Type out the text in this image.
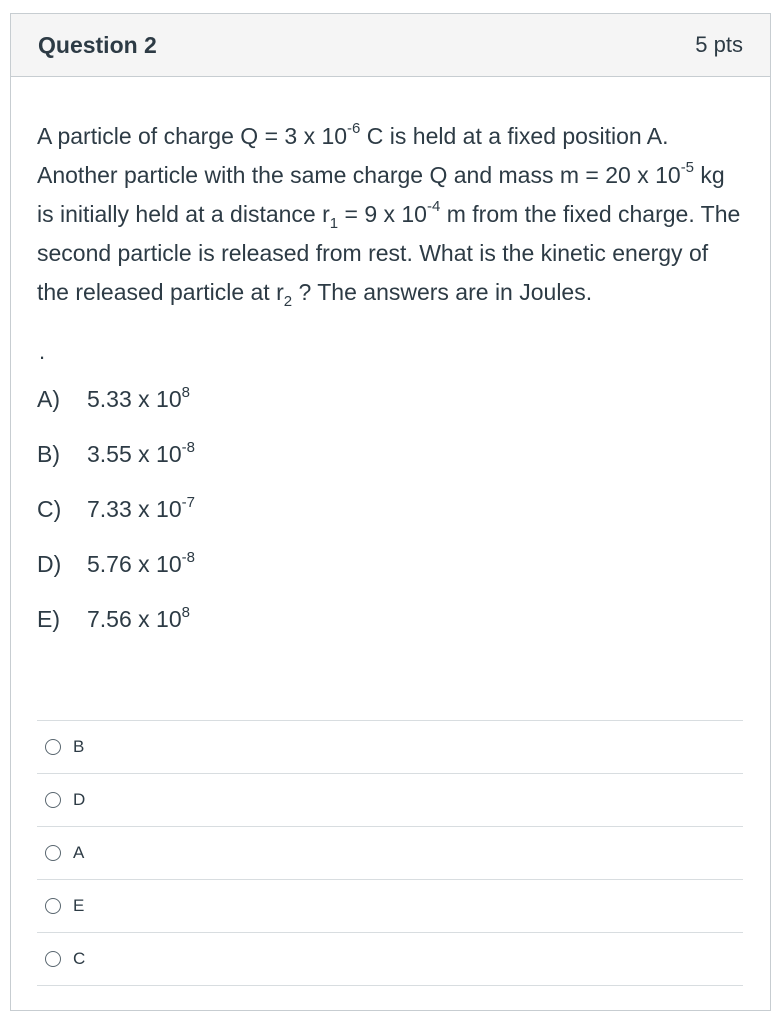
Question 2	5 pts

A particle of charge Q = 3 x $10^{-6}$ C is held at a fixed position A. Another particle with the same charge Q and mass m = 20 x $10^{-5}$ kg is initially held at a distance $r_1 = 9$ x $10^{-4}$ m from the fixed charge. The second particle is released from rest. What is the kinetic energy of the released particle at $r_2$ ? The answers are in Joules.

.
A) 5.33 x $10^8$
B) 3.55 x $10^{-8}$
C) 7.33 x $10^{-7}$
D) 5.76 x $10^{-8}$
E) 7.56 x $10^8$
B
D
A
E
C
